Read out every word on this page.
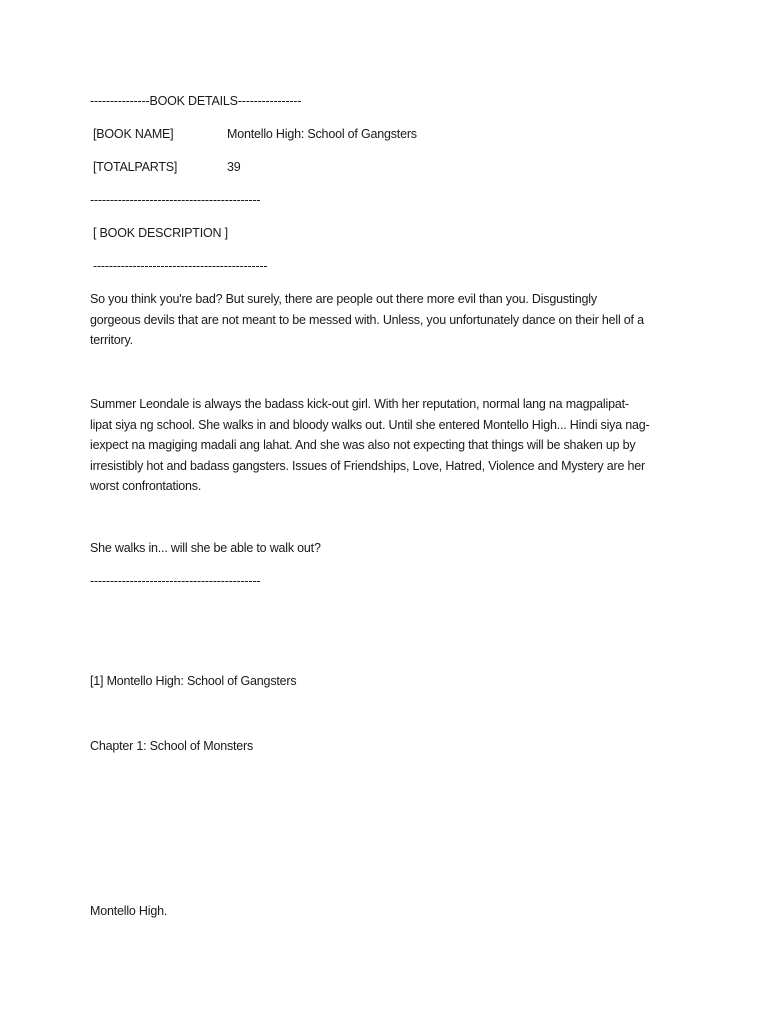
---------------BOOK DETAILS----------------
[BOOK NAME]	Montello High: School of Gangsters
[TOTALPARTS]	39
-------------------------------------------
[ BOOK DESCRIPTION ]
--------------------------------------------
So you think you're bad? But surely, there are people out there more evil than you. Disgustingly
gorgeous devils that are not meant to be messed with. Unless, you unfortunately dance on their hell of a
territory.
Summer Leondale is always the badass kick-out girl. With her reputation, normal lang na magpalipat-
lipat siya ng school. She walks in and bloody walks out. Until she entered Montello High... Hindi siya nag-
iexpect na magiging madali ang lahat. And she was also not expecting that things will be shaken up by
irresistibly hot and badass gangsters. Issues of Friendships, Love, Hatred, Violence and Mystery are her
worst confrontations.
She walks in... will she be able to walk out?
-------------------------------------------
[1] Montello High: School of Gangsters
Chapter 1: School of Monsters
Montello High.
